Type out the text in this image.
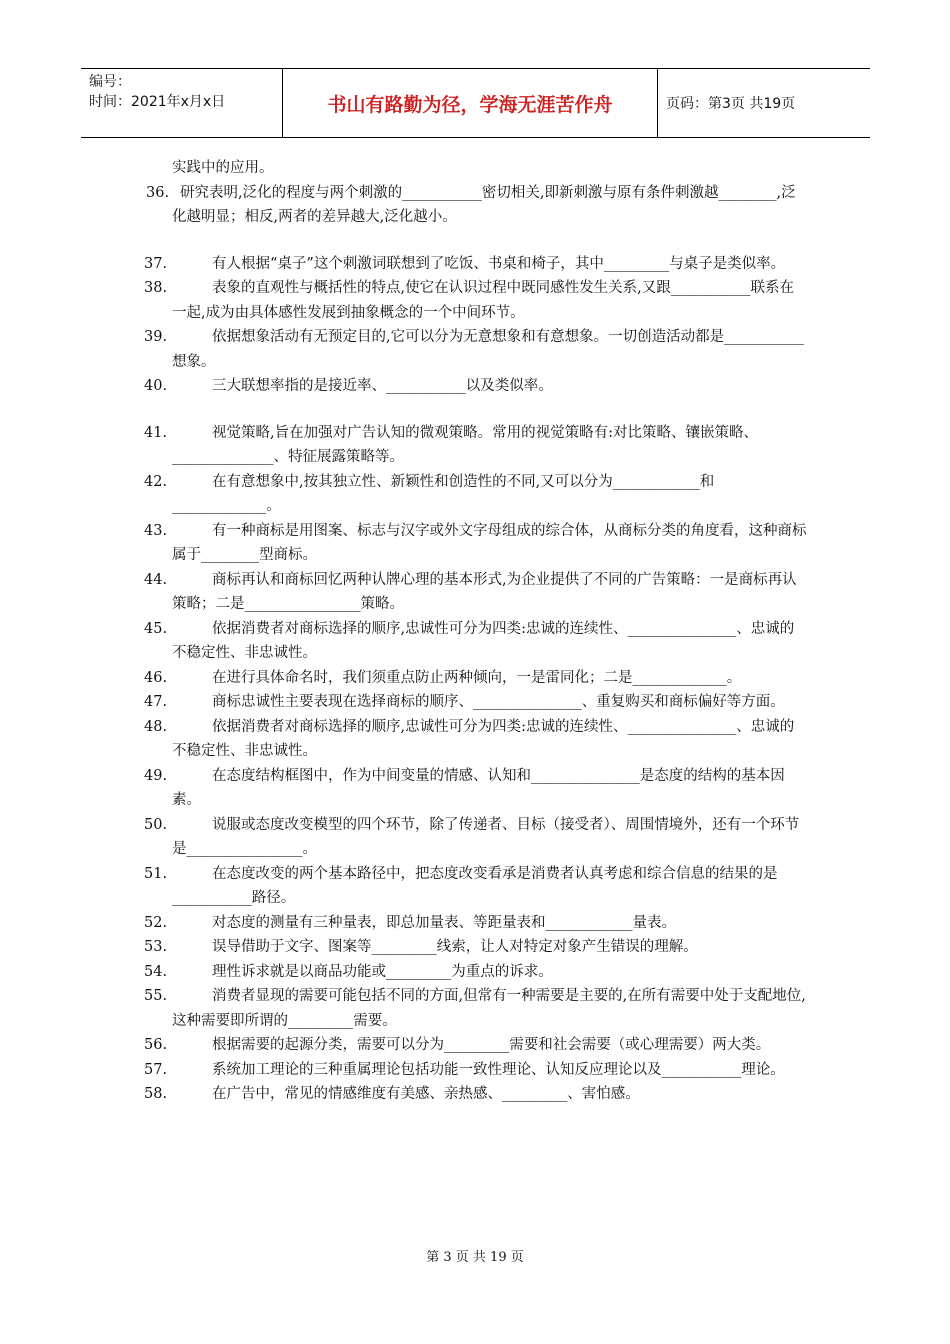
编号：
时间：2021年x月x日	书山有路勤为径，学海无涯苦作舟	页码：第3页 共19页
实践中的应用。
36. 研究表明,泛化的程度与两个刺激的___________密切相关,即新刺激与原有条件刺激越________,泛化越明显；相反,两者的差异越大,泛化越小。
37.	有人根据“桌子”这个刺激词联想到了吃饭、书桌和椅子，其中_________与桌子是类似率。
38.	表象的直观性与概括性的特点,使它在认识过程中既同感性发生关系,又跟___________联系在一起,成为由具体感性发展到抽象概念的一个中间环节。
39.	依据想象活动有无预定目的,它可以分为无意想象和有意想象。一切创造活动都是___________想象。
40.	三大联想率指的是接近率、___________以及类似率。
41.	视觉策略,旨在加强对广告认知的微观策略。常用的视觉策略有:对比策略、镶嵌策略、______________、特征展露策略等。
42.	在有意想象中,按其独立性、新颖性和创造性的不同,又可以分为____________和_____________。
43.	有一种商标是用图案、标志与汉字或外文字母组成的综合体，从商标分类的角度看，这种商标属于________型商标。
44.	商标再认和商标回忆两种认牌心理的基本形式,为企业提供了不同的广告策略：一是商标再认策略；二是________________策略。
45.	依据消费者对商标选择的顺序,忠诚性可分为四类:忠诚的连续性、_______________、忠诚的不稳定性、非忠诚性。
46.	在进行具体命名时，我们须重点防止两种倾向，一是雷同化；二是_____________。
47.	商标忠诚性主要表现在选择商标的顺序、_______________、重复购买和商标偏好等方面。
48.	依据消费者对商标选择的顺序,忠诚性可分为四类:忠诚的连续性、_______________、忠诚的不稳定性、非忠诚性。
49.	在态度结构框图中，作为中间变量的情感、认知和_______________是态度的结构的基本因素。
50.	说服或态度改变模型的四个环节，除了传递者、目标（接受者）、周围情境外，还有一个环节是________________。
51.	在态度改变的两个基本路径中，把态度改变看承是消费者认真考虑和综合信息的结果的是___________路径。
52.	对态度的测量有三种量表，即总加量表、等距量表和____________量表。
53.	误导借助于文字、图案等_________线索，让人对特定对象产生错误的理解。
54.	理性诉求就是以商品功能或_________为重点的诉求。
55.	消费者显现的需要可能包括不同的方面,但常有一种需要是主要的,在所有需要中处于支配地位,这种需要即所谓的_________需要。
56.	根据需要的起源分类，需要可以分为_________需要和社会需要（或心理需要）两大类。
57.	系统加工理论的三种重属理论包括功能一致性理论、认知反应理论以及___________理论。
58.	在广告中，常见的情感维度有美感、亲热感、_________、害怕感。
第 3 页 共 19 页
